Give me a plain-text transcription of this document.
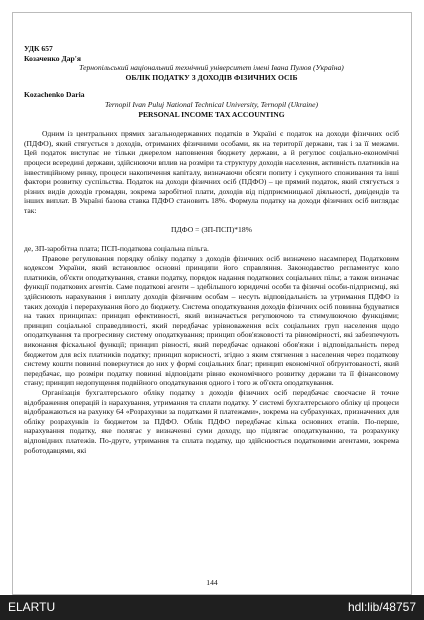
УДК 657
Козаченко Дар'я
Тернопільський національний технічний університет імені Івана Пулюя (Україна)
ОБЛІК ПОДАТКУ З ДОХОДІВ ФІЗИЧНИХ ОСІБ
Kozachenko Daria
Ternopil Ivan Puluj National Technical University, Ternopil (Ukraine)
PERSONAL INCOME TAX ACCOUNTING

Одним із центральних прямих загальнодержавних податків в Україні є податок на доходи фізичних осіб (ПДФО), який стягується з доходів, отриманих фізичними особами, як на території держави, так і за її межами. Цей податок виступає не тільки джерелом наповнення бюджету держави, а й регулює соціально-економічні процеси всередині держави, здійснюючи вплив на розміри та структуру доходів населення, активність платників на інвестиційному ринку, процеси накопичення капіталу, визначаючи обсяги попиту і сукупного споживання та інші фактори розвитку суспільства. Податок на доходи фізичних осіб (ПДФО) – це прямий податок, який стягується з різних видів доходів громадян, зокрема заробітної плати, доходів від підприємницької діяльності, дивідендів та інших виплат. В Україні базова ставка ПДФО становить 18%. Формула податку на доходи фізичних осіб виглядає так:

ПДФО = (ЗП-ПСП)*18%

де, ЗП-заробітна плата; ПСП-податкова соціальна пільга.

Правове регулювання порядку обліку податку з доходів фізичних осіб визначено насамперед Податковим кодексом України, який встановлює основні принципи його справляння. Законодавство регламентує коло платників, об'єкти оподаткування, ставки податку, порядок надання податкових соціальних пільг, а також визначає функції податкових агентів. Саме податкові агенти – здебільшого юридичні особи та фізичні особи-підприємці, які здійснюють нарахування і виплату доходів фізичним особам – несуть відповідальність за утримання ПДФО із таких доходів і перерахування його до бюджету. Система оподаткування доходів фізичних осіб повинна будуватися на таких принципах: принцип ефективності, який визначається регулюючою та стимулюючою функціями; принцип соціальної справедливості, який передбачає урівноваження всіх соціальних груп населення щодо оподаткування та прогресивну систему оподаткування; принцип обов'язковості та рівномірності, які забезпечують виконання фіскальної функції; принцип рівності, який передбачає однакові обов'язки і відповідальність перед бюджетом для всіх платників податку; принцип корисності, згідно з яким стягнення з населення через податкову систему кошти повинні повернутися до них у формі соціальних благ; принцип економічної обґрунтованості, який передбачає, що розміри податку повинні відповідати рівню економічного розвитку держави та її фінансовому стану; принцип недопущення подвійного оподаткування одного і того ж об'єкта оподаткування.

Організація бухгалтерського обліку податку з доходів фізичних осіб передбачає своєчасне й точне відображення операцій із нарахування, утримання та сплати податку. У системі бухгалтерського обліку ці процеси відображаються на рахунку 64 «Розрахунки за податками й платежами», зокрема на субрахунках, призначених для обліку розрахунків із бюджетом за ПДФО. Облік ПДФО передбачає кілька основних етапів. По-перше, нарахування податку, яке полягає у визначенні суми доходу, що підлягає оподаткуванню, та розрахунку відповідних платежів. По-друге, утримання та сплата податку, що здійснюється податковими агентами, зокрема роботодавцями, які

144
ELARTU	hdl:lib/48757
